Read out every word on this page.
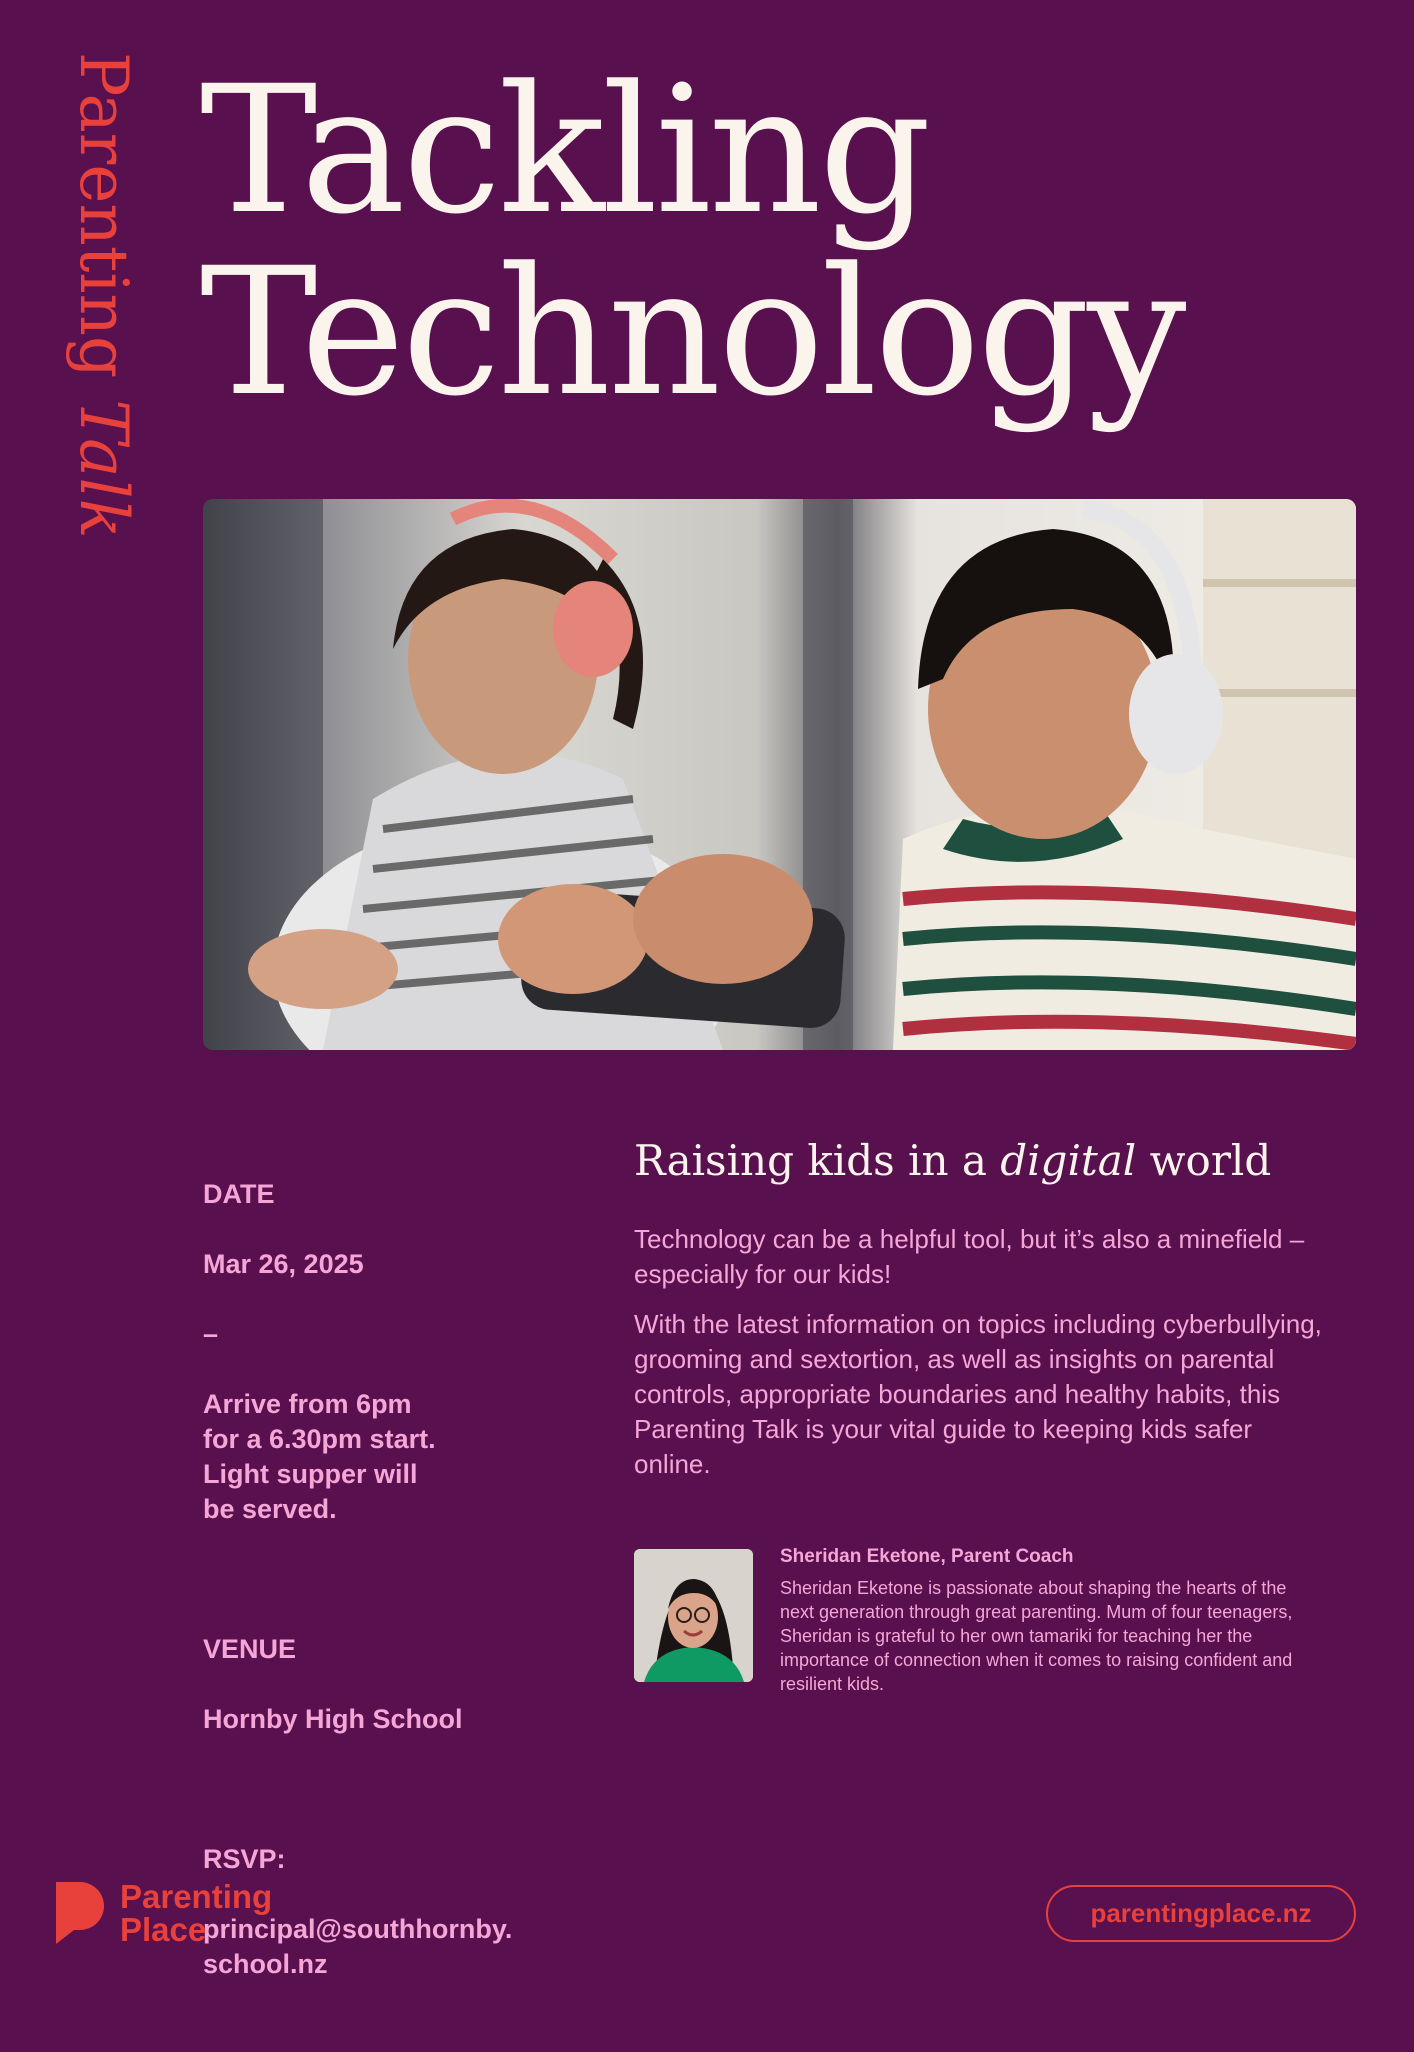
Parenting Talk
Tackling
Technology

DATE

Mar 26, 2025

–

Arrive from 6pm
for a 6.30pm start.
Light supper will
be served.

VENUE

Hornby High School

RSVP:

principal@southhornby.
school.nz

Raising kids in a digital world

Technology can be a helpful tool, but it’s also a minefield – especially for our kids!

With the latest information on topics including cyberbullying, grooming and sextortion, as well as insights on parental controls, appropriate boundaries and healthy habits, this Parenting Talk is your vital guide to keeping kids safer online.

Sheridan Eketone, Parent Coach
Sheridan Eketone is passionate about shaping the hearts of the next generation through great parenting. Mum of four teenagers, Sheridan is grateful to her own tamariki for teaching her the importance of connection when it comes to raising confident and resilient kids.
Parenting
Place	parentingplace.nz
